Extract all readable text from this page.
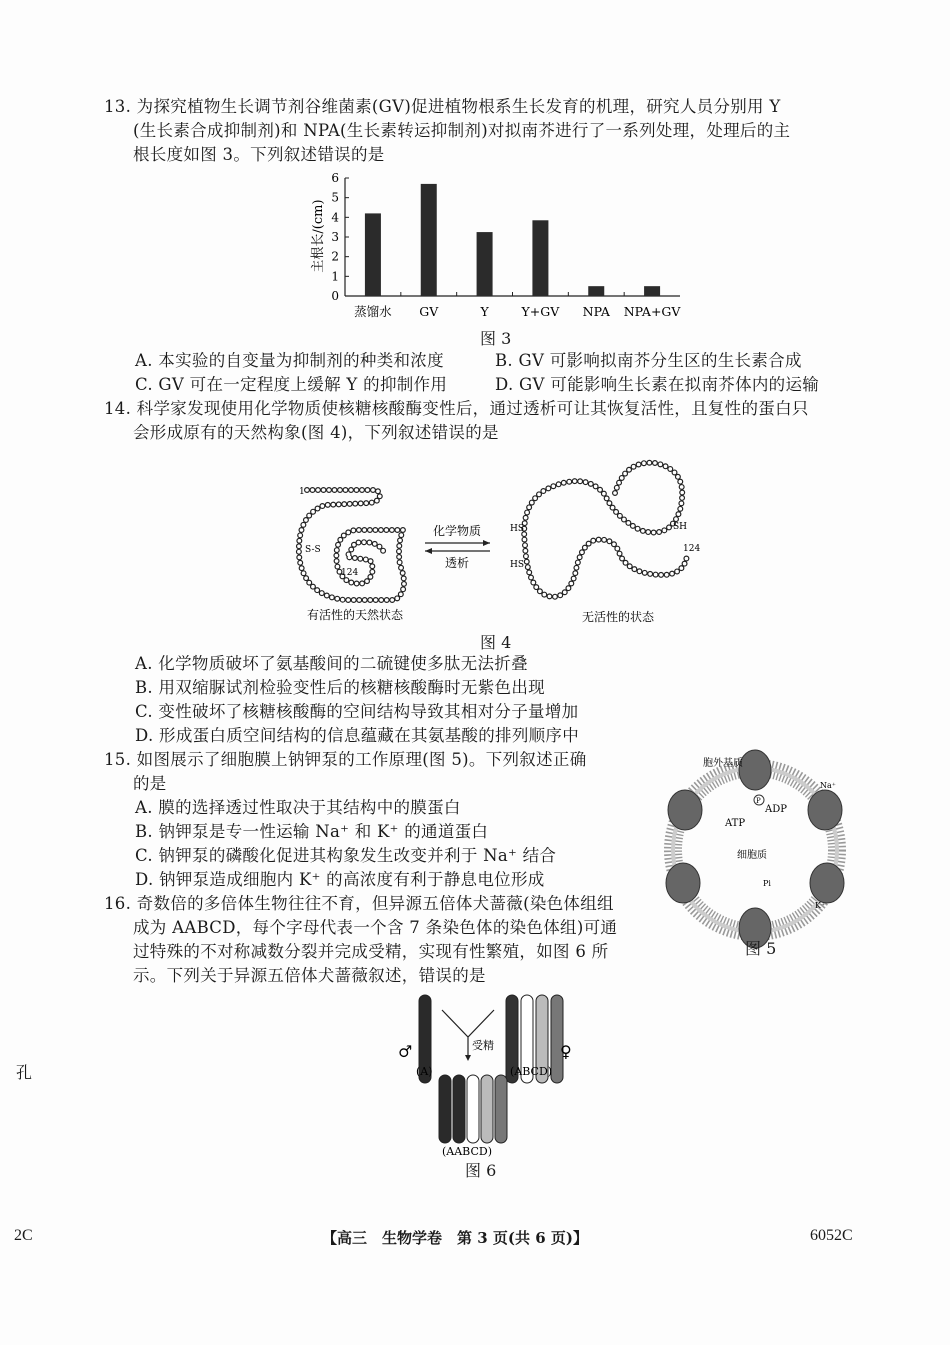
13. 为探究植物生长调节剂谷维菌素(GV)促进植物根系生长发育的机理，研究人员分别用 Y
(生长素合成抑制剂)和 NPA(生长素转运抑制剂)对拟南芥进行了一系列处理，处理后的主
根长度如图 3。下列叙述错误的是
0
1
2
3
4
5
6
蒸馏水 GV	Y	Y+GV NPA NPA+GV
主根长/(cm)
图 3
A. 本实验的自变量为抑制剂的种类和浓度	B. GV 可影响拟南芥分生区的生长素合成
C. GV 可在一定程度上缓解 Y 的抑制作用	D. GV 可能影响生长素在拟南芥体内的运输
14. 科学家发现使用化学物质使核糖核酸酶变性后，通过透析可让其恢复活性，且复性的蛋白只
会形成原有的天然构象(图 4)，下列叙述错误的是
1
124
S-S	124
HS
HS
SH
化学物质
透析
有活性的天然状态	无活性的状态
图 4
A. 化学物质破坏了氨基酸间的二硫键使多肽无法折叠
B. 用双缩脲试剂检验变性后的核糖核酸酶时无紫色出现
C. 变性破坏了核糖核酸酶的空间结构导致其相对分子量增加
D. 形成蛋白质空间结构的信息蕴藏在其氨基酸的排列顺序中
15. 如图展示了细胞膜上钠钾泵的工作原理(图 5)。下列叙述正确
的是
A. 膜的选择透过性取决于其结构中的膜蛋白
B. 钠钾泵是专一性运输 Na⁺ 和 K⁺ 的通道蛋白
C. 钠钾泵的磷酸化促进其构象发生改变并利于 Na⁺ 结合
D. 钠钾泵造成细胞内 K⁺ 的高浓度有利于静息电位形成
胞外基质
细胞质
ATP
ADP
P
Na⁺
K⁺
Pi
图 5
16. 奇数倍的多倍体生物往往不育，但异源五倍体犬蔷薇(染色体组组
成为 AABCD，每个字母代表一个含 7 条染色体的染色体组)可通
过特殊的不对称减数分裂并完成受精，实现有性繁殖，如图 6 所
示。下列关于异源五倍体犬蔷薇叙述，错误的是
受精
♂	♀
(A)	(ABCD)
(AABCD)
图 6
孔
2C	【高三　生物学卷　第 3 页(共 6 页)】	6052C
